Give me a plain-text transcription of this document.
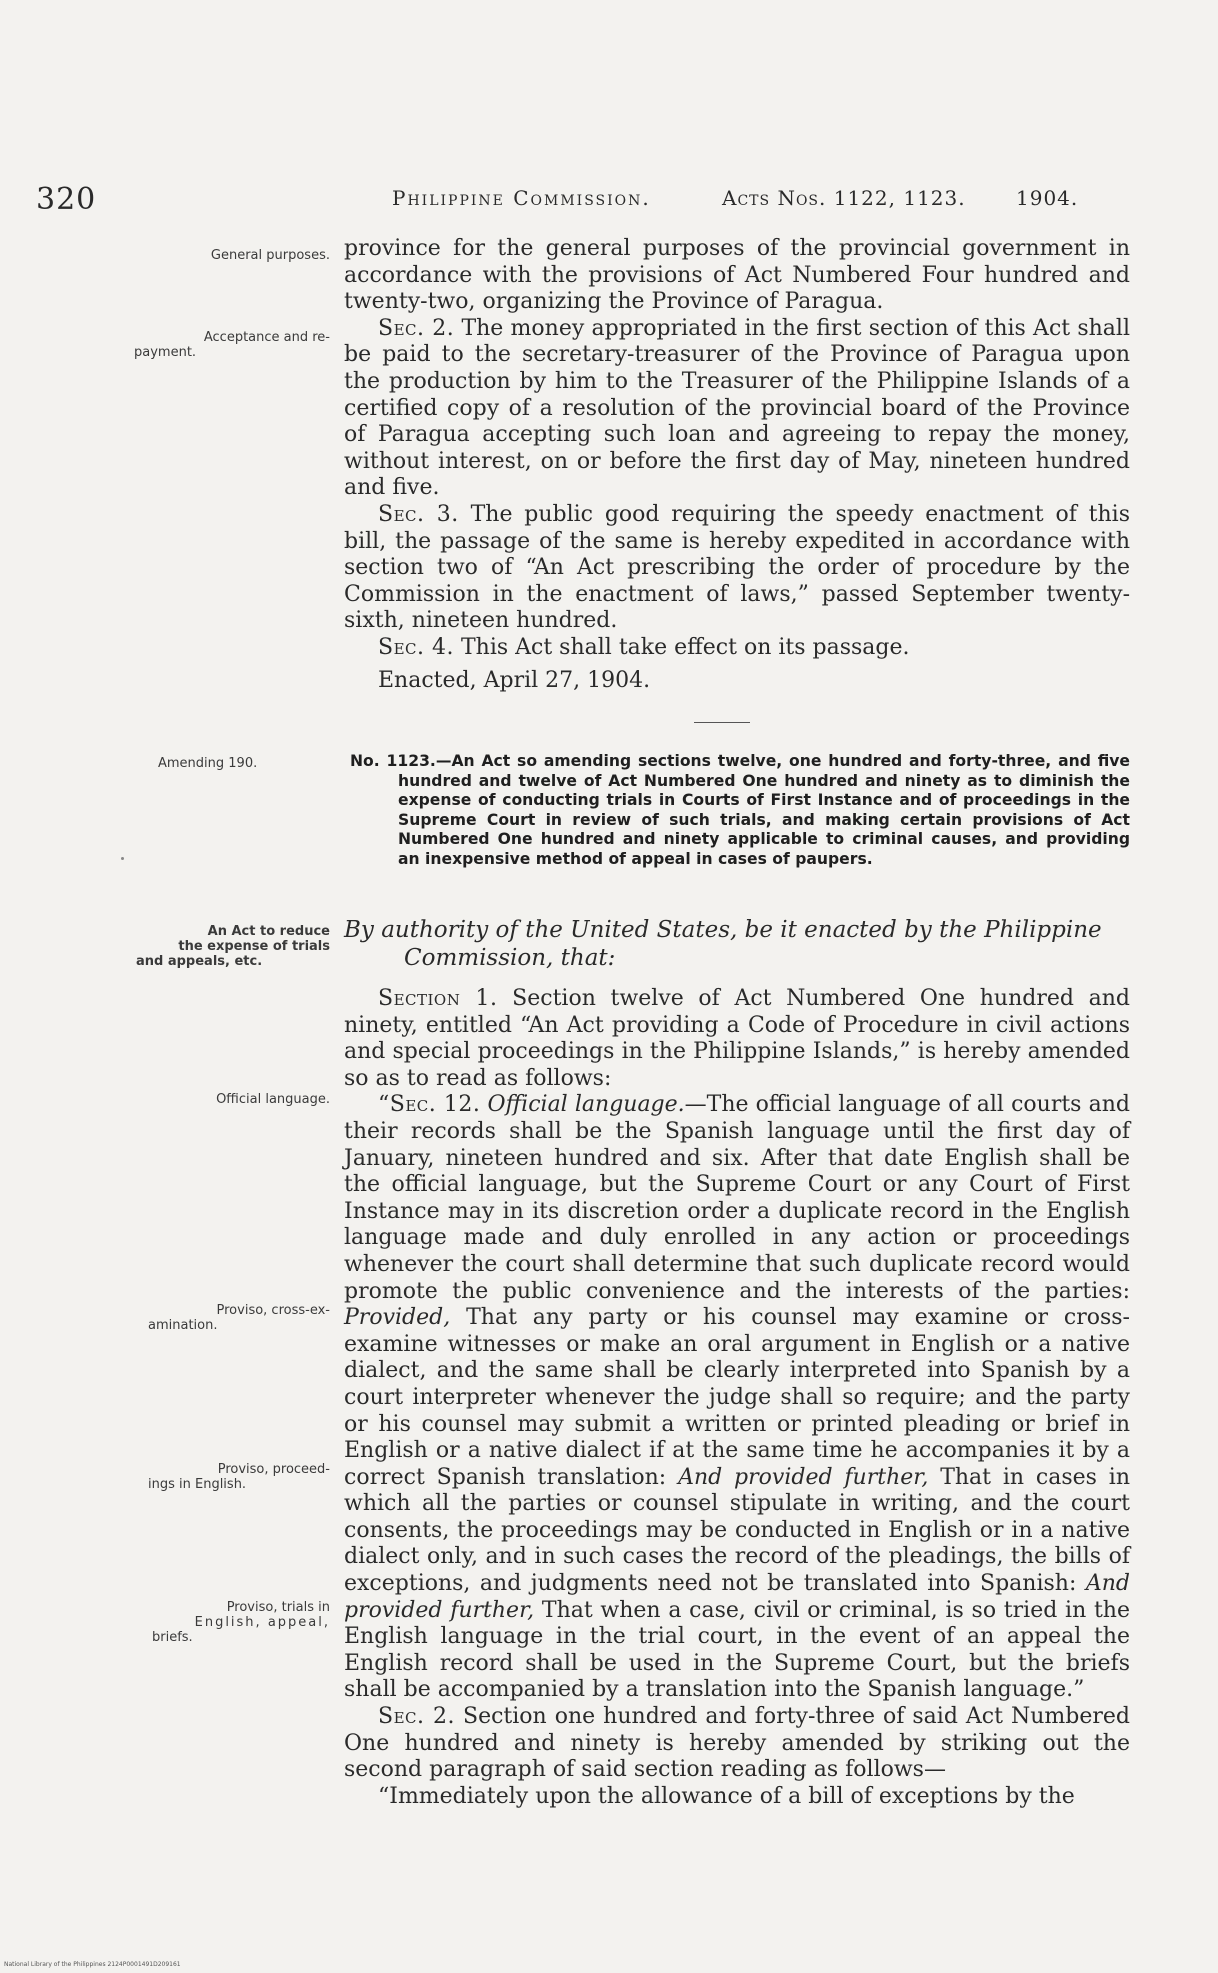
320	Philippine Commission.	Acts Nos. 1122, 1123.	1904.
General purposes.
Acceptance and re-
payment.
Amending 190.
An Act to reduce
the expense of trials
and appeals, etc.
Official language.
Proviso, cross-ex-
amination.
Proviso, proceed-
ings in English.
Proviso, trials in
English, appeal,
briefs.

province for the general purposes of the provincial government in accordance with the provisions of Act Numbered Four hundred and twenty-two, organizing the Province of Paragua.

Sec. 2. The money appropriated in the first section of this Act shall be paid to the secretary-treasurer of the Province of Paragua upon the production by him to the Treasurer of the Philippine Islands of a certified copy of a resolution of the provincial board of the Province of Paragua accepting such loan and agreeing to repay the money, without interest, on or before the first day of May, nineteen hundred and five.

Sec. 3. The public good requiring the speedy enactment of this bill, the passage of the same is hereby expedited in accordance with section two of “An Act prescribing the order of procedure by the Commission in the enactment of laws,” passed September twenty-sixth, nineteen hundred.

Sec. 4. This Act shall take effect on its passage.

Enacted, April 27, 1904.

No. 1123.—An Act so amending sections twelve, one hundred and forty-three, and five hundred and twelve of Act Numbered One hundred and ninety as to diminish the expense of conducting trials in Courts of First Instance and of proceedings in the Supreme Court in review of such trials, and making certain provisions of Act Numbered One hundred and ninety applicable to criminal causes, and providing an inexpensive method of appeal in cases of paupers.
By authority of the United States, be it enacted by the Philippine
Commission, that:

Section 1. Section twelve of Act Numbered One hundred and ninety, entitled “An Act providing a Code of Procedure in civil actions and special proceedings in the Philippine Islands,” is hereby amended so as to read as follows:

“Sec. 12. Official language.—The official language of all courts and their records shall be the Spanish language until the first day of January, nineteen hundred and six. After that date English shall be the official language, but the Supreme Court or any Court of First Instance may in its discretion order a duplicate record in the English language made and duly enrolled in any action or proceedings whenever the court shall determine that such duplicate record would promote the public convenience and the interests of the parties: Provided, That any party or his counsel may examine or cross-examine witnesses or make an oral argument in English or a native dialect, and the same shall be clearly interpreted into Spanish by a court interpreter whenever the judge shall so require; and the party or his counsel may submit a written or printed pleading or brief in English or a native dialect if at the same time he accompanies it by a correct Spanish translation: And provided further, That in cases in which all the parties or counsel stipulate in writing, and the court consents, the proceedings may be conducted in English or in a native dialect only, and in such cases the record of the pleadings, the bills of exceptions, and judgments need not be translated into Spanish: And provided further, That when a case, civil or criminal, is so tried in the English language in the trial court, in the event of an appeal the English record shall be used in the Supreme Court, but the briefs shall be accompanied by a translation into the Spanish language.”

Sec. 2. Section one hundred and forty-three of said Act Numbered One hundred and ninety is hereby amended by striking out the second paragraph of said section reading as follows—

“Immediately upon the allowance of a bill of exceptions by the

National Library of the Philippines 2124P0001491D209161
